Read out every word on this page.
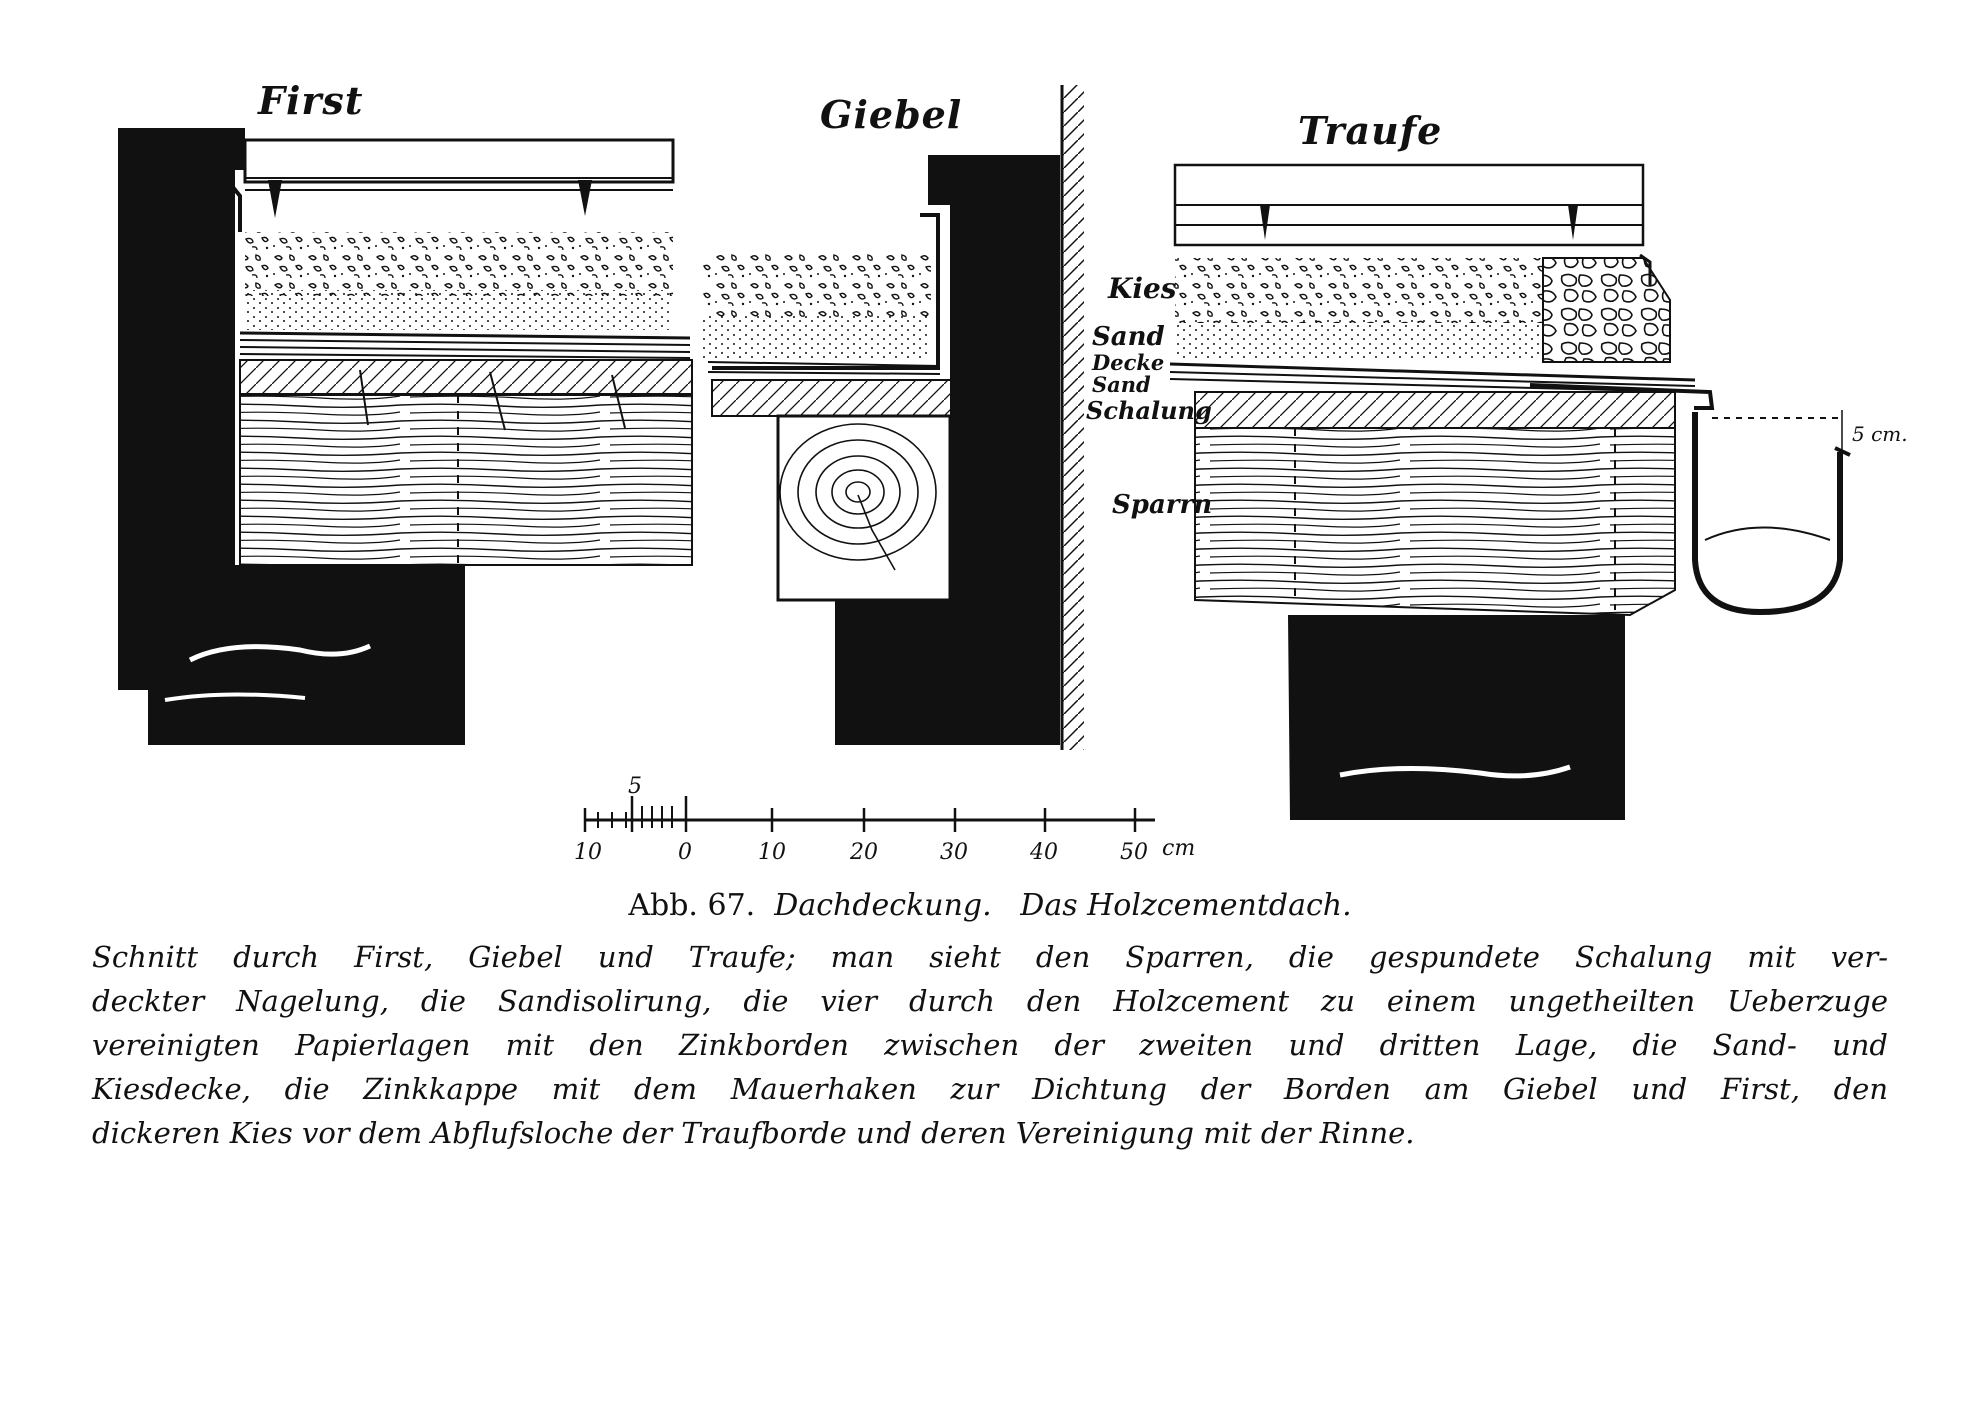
First	Giebel	Traufe
Kies
Sand
Decke
Sand
Schalung
Sparrn
5 cm.
5
10	0	10	20	30	40	50 cm
Abb. 67. Dachdeckung.   Das Holzcementdach.
Schnitt durch First, Giebel und Traufe; man sieht den Sparren, die gespundete Schalung mit ver-
deckter Nagelung, die Sandisolirung, die vier durch den Holzcement zu einem ungetheilten Ueberzuge
vereinigten Papierlagen mit den Zinkborden zwischen der zweiten und dritten Lage, die Sand- und
Kiesdecke, die Zinkkappe mit dem Mauerhaken zur Dichtung der Borden am Giebel und First, den
dickeren Kies vor dem Abflufsloche der Traufborde und deren Vereinigung mit der Rinne.
